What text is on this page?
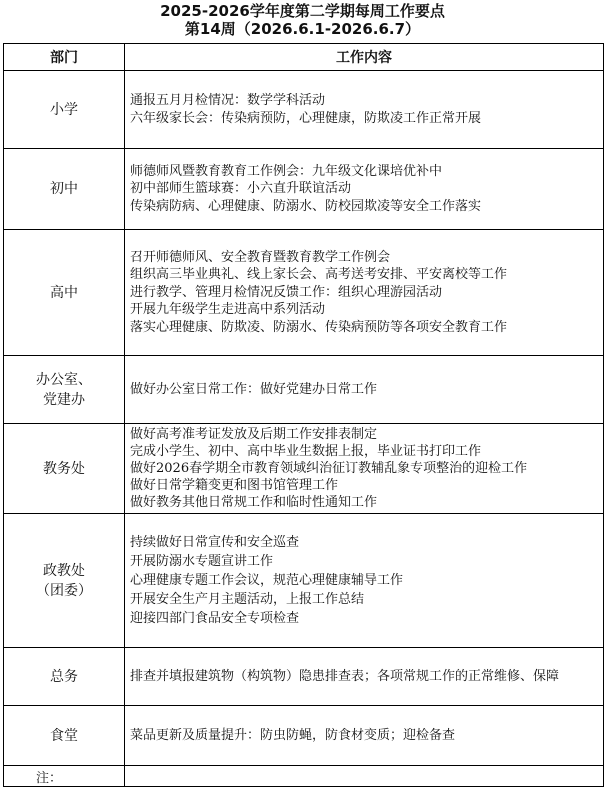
2025-2026学年度第二学期每周工作要点
第14周（2026.6.1-2026.6.7）
部门	工作内容

小学	通报五月月检情况：数学学科活动
六年级家长会：传染病预防，心理健康，防欺凌工作正常开展

初中	师德师风暨教育教育工作例会：九年级文化课培优补中
初中部师生篮球赛：小六直升联谊活动
传染病防病、心理健康、防溺水、防校园欺凌等安全工作落实

高中	召开师德师风、安全教育暨教育教学工作例会
组织高三毕业典礼、线上家长会、高考送考安排、平安离校等工作
进行教学、管理月检情况反馈工作：组织心理游园活动
开展九年级学生走进高中系列活动
落实心理健康、防欺凌、防溺水、传染病预防等各项安全教育工作

办公室、
党建办	做好办公室日常工作：做好党建办日常工作

教务处	做好高考准考证发放及后期工作安排表制定
完成小学生、初中、高中毕业生数据上报，毕业证书打印工作
做好2026春学期全市教育领域纠治征订教辅乱象专项整治的迎检工作
做好日常学籍变更和图书馆管理工作
做好教务其他日常规工作和临时性通知工作

政教处
（团委）	持续做好日常宣传和安全巡查
开展防溺水专题宣讲工作
心理健康专题工作会议，规范心理健康辅导工作
开展安全生产月主题活动，上报工作总结
迎接四部门食品安全专项检查

总务	排查并填报建筑物（构筑物）隐患排查表；各项常规工作的正常维修、保障

食堂	菜品更新及质量提升：防虫防蝇，防食材变质；迎检备查

注：	
